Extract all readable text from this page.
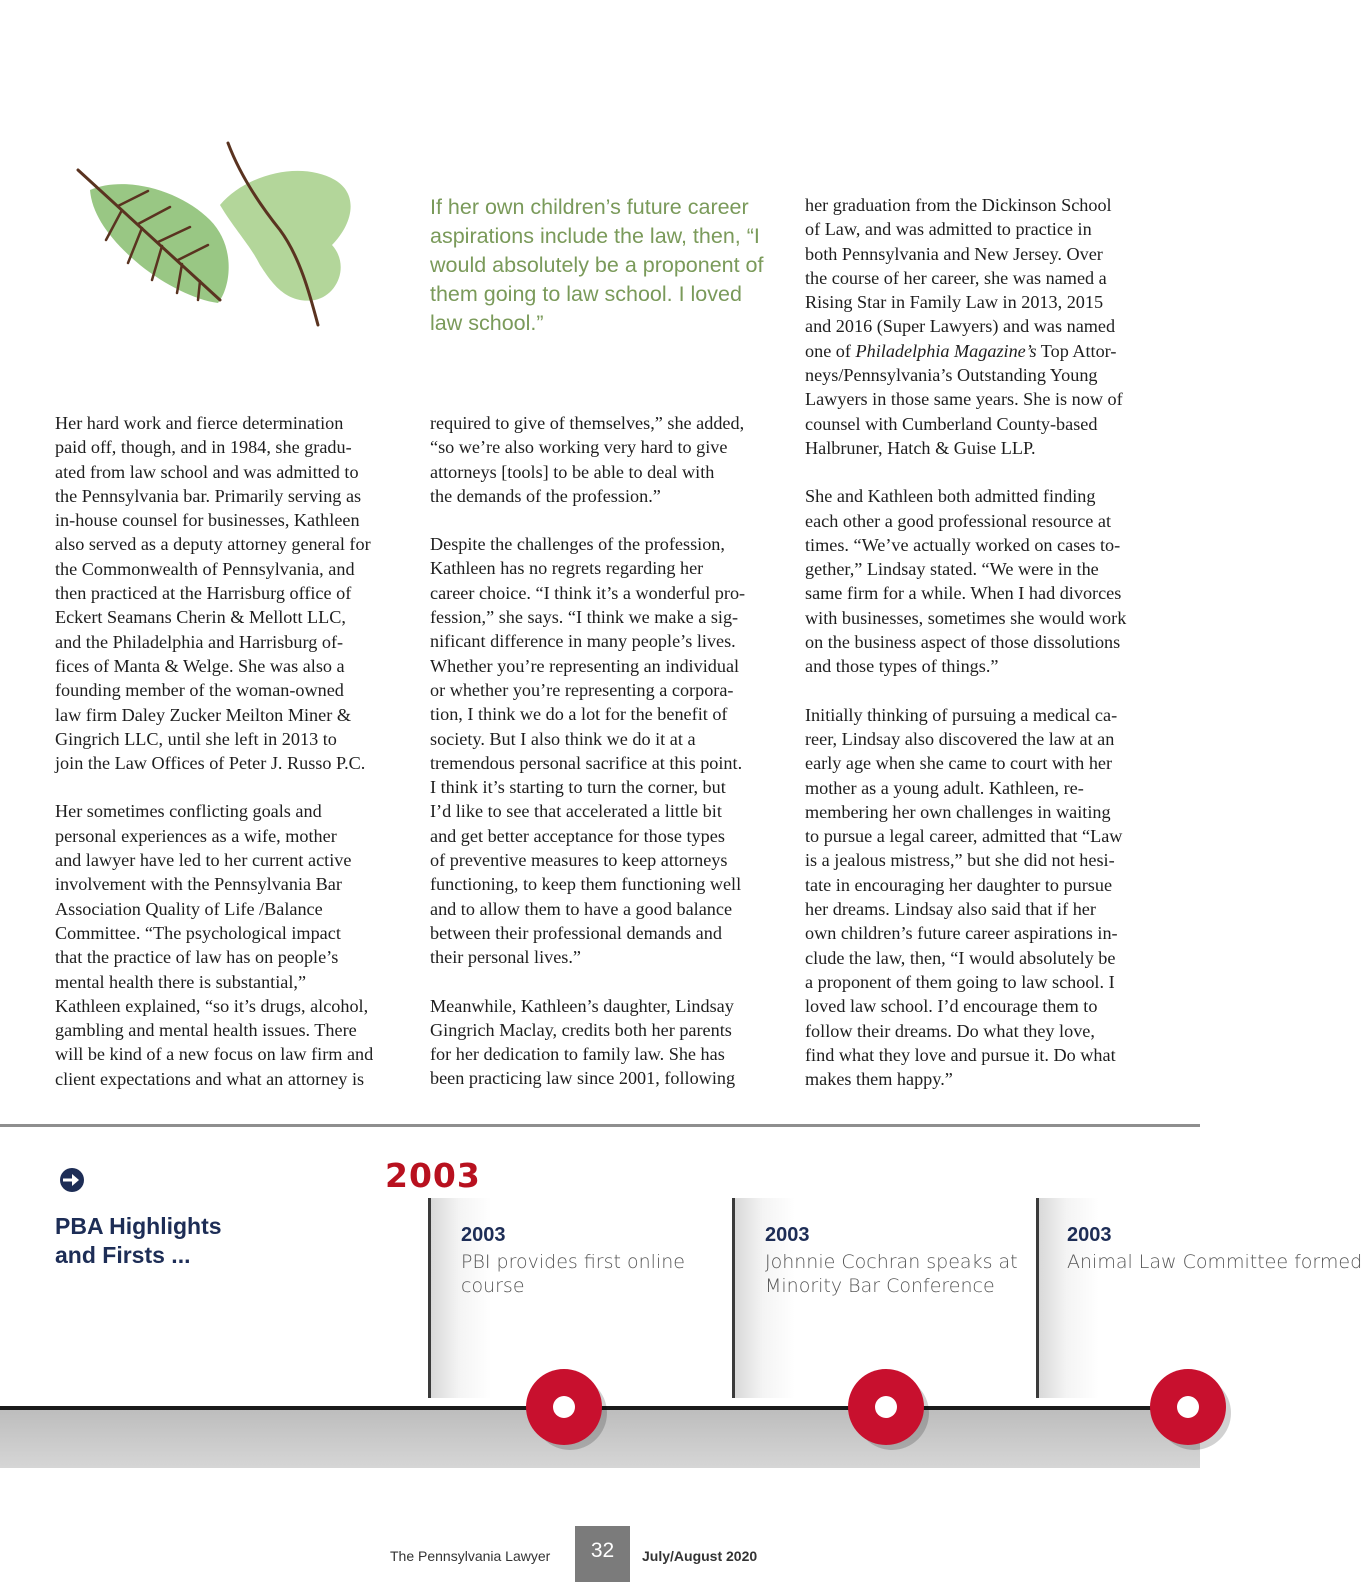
If her own children’s future career aspirations include the law, then, “I would absolutely be a proponent of them going to law school. I loved law school.”

Her hard work and fierce determination
paid off, though, and in 1984, she gradu-
ated from law school and was admitted to
the Pennsylvania bar. Primarily serving as
in-house counsel for businesses, Kathleen
also served as a deputy attorney general for
the Commonwealth of Pennsylvania, and
then practiced at the Harrisburg office of
Eckert Seamans Cherin & Mellott LLC,
and the Philadelphia and Harrisburg of-
fices of Manta & Welge. She was also a
founding member of the woman-owned
law firm Daley Zucker Meilton Miner &
Gingrich LLC, until she left in 2013 to
join the Law Offices of Peter J. Russo P.C.

Her sometimes conflicting goals and
personal experiences as a wife, mother
and lawyer have led to her current active
involvement with the Pennsylvania Bar
Association Quality of Life /Balance
Committee. “The psychological impact
that the practice of law has on people’s
mental health there is substantial,”
Kathleen explained, “so it’s drugs, alcohol,
gambling and mental health issues. There
will be kind of a new focus on law firm and
client expectations and what an attorney is

required to give of themselves,” she added,
“so we’re also working very hard to give
attorneys [tools] to be able to deal with
the demands of the profession.”

Despite the challenges of the profession,
Kathleen has no regrets regarding her
career choice. “I think it’s a wonderful pro-
fession,” she says. “I think we make a sig-
nificant difference in many people’s lives.
Whether you’re representing an individual
or whether you’re representing a corpora-
tion, I think we do a lot for the benefit of
society. But I also think we do it at a
tremendous personal sacrifice at this point.
I think it’s starting to turn the corner, but
I’d like to see that accelerated a little bit
and get better acceptance for those types
of preventive measures to keep attorneys
functioning, to keep them functioning well
and to allow them to have a good balance
between their professional demands and
their personal lives.”

Meanwhile, Kathleen’s daughter, Lindsay
Gingrich Maclay, credits both her parents
for her dedication to family law. She has
been practicing law since 2001, following

her graduation from the Dickinson School
of Law, and was admitted to practice in
both Pennsylvania and New Jersey. Over
the course of her career, she was named a
Rising Star in Family Law in 2013, 2015
and 2016 (Super Lawyers) and was named
one of Philadelphia Magazine’s Top Attor-
neys/Pennsylvania’s Outstanding Young
Lawyers in those same years. She is now of
counsel with Cumberland County-based
Halbruner, Hatch & Guise LLP.

She and Kathleen both admitted finding
each other a good professional resource at
times. “We’ve actually worked on cases to-
gether,” Lindsay stated. “We were in the
same firm for a while. When I had divorces
with businesses, sometimes she would work
on the business aspect of those dissolutions
and those types of things.”

Initially thinking of pursuing a medical ca-
reer, Lindsay also discovered the law at an
early age when she came to court with her
mother as a young adult. Kathleen, re-
membering her own challenges in waiting
to pursue a legal career, admitted that “Law
is a jealous mistress,” but she did not hesi-
tate in encouraging her daughter to pursue
her dreams. Lindsay also said that if her
own children’s future career aspirations in-
clude the law, then, “I would absolutely be
a proponent of them going to law school. I
loved law school. I’d encourage them to
follow their dreams. Do what they love,
find what they love and pursue it. Do what
makes them happy.”

PBA Highlights
and Firsts ...
2003
2003
PBI provides first online
course
2003
Johnnie Cochran speaks at
Minority Bar Conference
2003
Animal Law Committee formed
The Pennsylvania Lawyer	32	July/August 2020
